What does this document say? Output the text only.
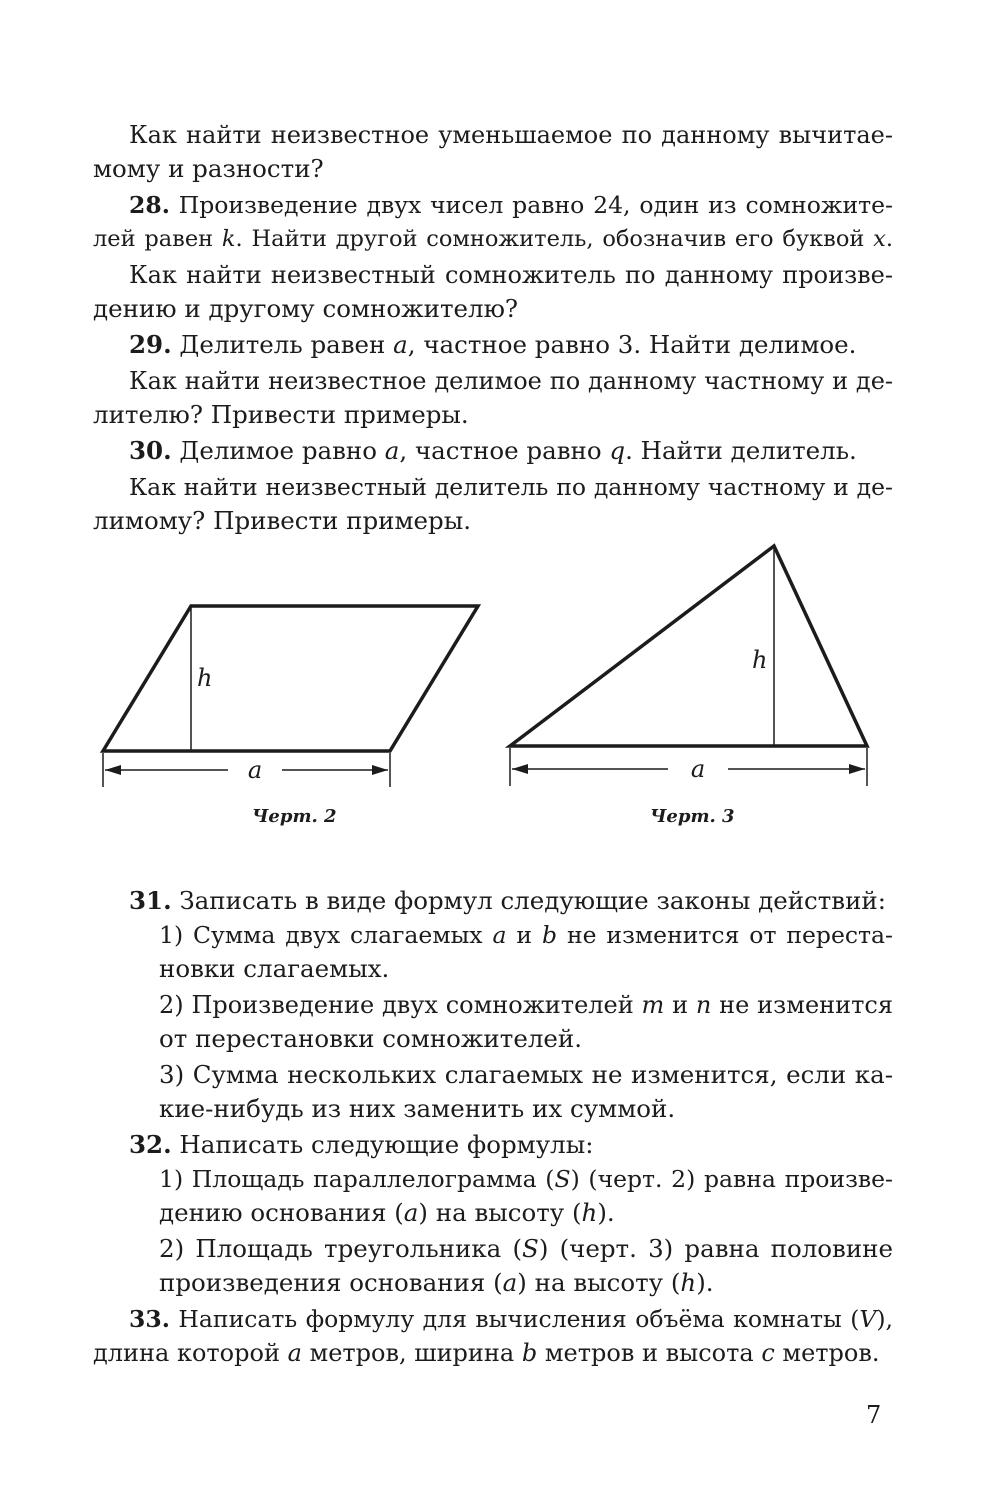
Как найти неизвестное уменьшаемое по данному вычитае-
мому и разности?
28. Произведение двух чисел равно 24, один из сомножите-
лей равен k. Найти другой сомножитель, обозначив его буквой x.
Как найти неизвестный сомножитель по данному произве-
дению и другому сомножителю?
29. Делитель равен a, частное равно 3. Найти делимое.
Как найти неизвестное делимое по данному частному и де-
лителю? Привести примеры.
30. Делимое равно a, частное равно q. Найти делитель.
Как найти неизвестный делитель по данному частному и де-
лимому? Привести примеры.
h
a
h
a
Черт. 2	Черт. 3
31. Записать в виде формул следующие законы действий:
1) Сумма двух слагаемых a и b не изменится от переста-
новки слагаемых.
2) Произведение двух сомножителей m и n не изменится
от перестановки сомножителей.
3) Сумма нескольких слагаемых не изменится, если ка-
кие-нибудь из них заменить их суммой.
32. Написать следующие формулы:
1) Площадь параллелограмма (S) (черт. 2) равна произве-
дению основания (a) на высоту (h).
2) Площадь треугольника (S) (черт. 3) равна половине
произведения основания (a) на высоту (h).
33. Написать формулу для вычисления объёма комнаты (V),
длина которой a метров, ширина b метров и высота c метров.
7
